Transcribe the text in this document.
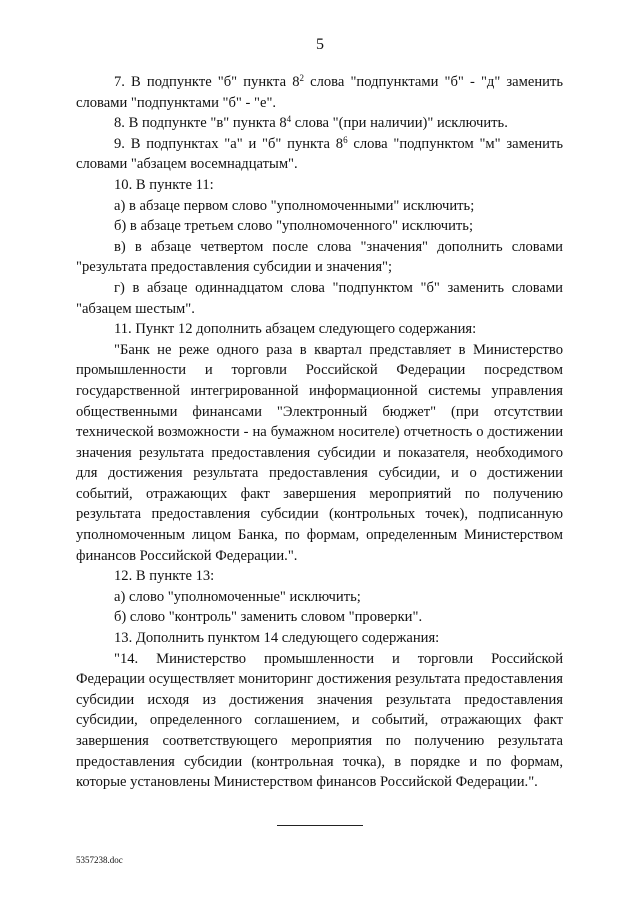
5

7. В подпункте "б" пункта $8^2$ слова "подпунктами "б" - "д" заменить словами "подпунктами "б" - "е".

8. В подпункте "в" пункта $8^4$ слова "(при наличии)" исключить.

9. В подпунктах "а" и "б" пункта $8^6$ слова "подпунктом "м" заменить словами "абзацем восемнадцатым".

10. В пункте 11:

а) в абзаце первом слово "уполномоченными" исключить;

б) в абзаце третьем слово "уполномоченного" исключить;

в) в абзаце четвертом после слова "значения" дополнить словами "результата предоставления субсидии и значения";

г) в абзаце одиннадцатом слова "подпунктом "б" заменить словами "абзацем шестым".

11. Пункт 12 дополнить абзацем следующего содержания:

"Банк не реже одного раза в квартал представляет в Министерство промышленности и торговли Российской Федерации посредством государственной интегрированной информационной системы управления общественными финансами "Электронный бюджет" (при отсутствии технической возможности - на бумажном носителе) отчетность о достижении значения результата предоставления субсидии и показателя, необходимого для достижения результата предоставления субсидии, и о достижении событий, отражающих факт завершения мероприятий по получению результата предоставления субсидии (контрольных точек), подписанную уполномоченным лицом Банка, по формам, определенным Министерством финансов Российской Федерации.".

12. В пункте 13:

а) слово "уполномоченные" исключить;

б) слово "контроль" заменить словом "проверки".

13. Дополнить пунктом 14 следующего содержания:

"14. Министерство промышленности и торговли Российской Федерации осуществляет мониторинг достижения результата предоставления субсидии исходя из достижения значения результата предоставления субсидии, определенного соглашением, и событий, отражающих факт завершения соответствующего мероприятия по получению результата предоставления субсидии (контрольная точка), в порядке и по формам, которые установлены Министерством финансов Российской Федерации.".

5357238.doc
